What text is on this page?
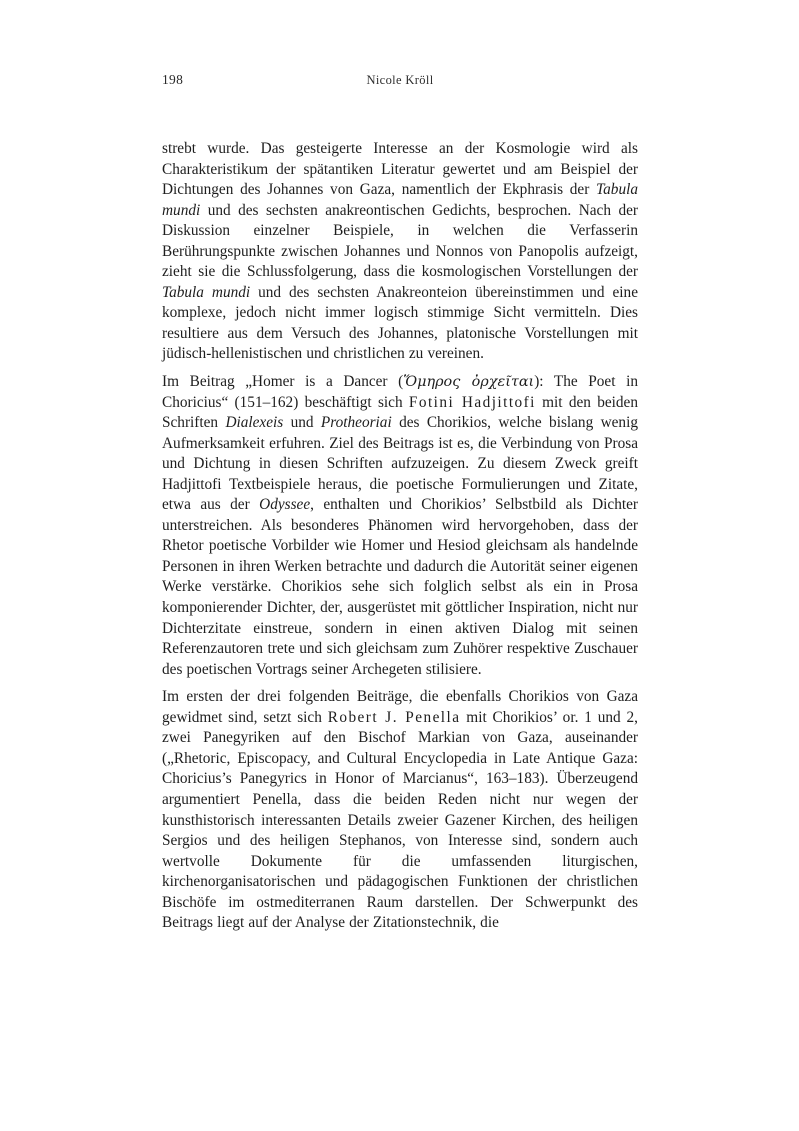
198	Nicole Kröll

strebt wurde. Das gesteigerte Interesse an der Kosmologie wird als Charakteristikum der spätantiken Literatur gewertet und am Beispiel der Dichtungen des Johannes von Gaza, namentlich der Ekphrasis der Tabula mundi und des sechsten anakreontischen Gedichts, besprochen. Nach der Diskussion einzelner Beispiele, in welchen die Verfasserin Berührungspunkte zwischen Johannes und Nonnos von Panopolis aufzeigt, zieht sie die Schlussfolgerung, dass die kosmologischen Vorstellungen der Tabula mundi und des sechsten Anakreonteion übereinstimmen und eine komplexe, jedoch nicht immer logisch stimmige Sicht vermitteln. Dies resultiere aus dem Versuch des Johannes, platonische Vorstellungen mit jüdisch-hellenistischen und christlichen zu vereinen.

Im Beitrag „Homer is a Dancer (Ὅμηρος ὀρχεῖται): The Poet in Choricius“ (151–162) beschäftigt sich Fotini Hadjittofi mit den beiden Schriften Dialexeis und Protheoriai des Chorikios, welche bislang wenig Aufmerksamkeit erfuhren. Ziel des Beitrags ist es, die Verbindung von Prosa und Dichtung in diesen Schriften aufzuzeigen. Zu diesem Zweck greift Hadjittofi Textbeispiele heraus, die poetische Formulierungen und Zitate, etwa aus der Odyssee, enthalten und Chorikios’ Selbstbild als Dichter unterstreichen. Als besonderes Phänomen wird hervorgehoben, dass der Rhetor poetische Vorbilder wie Homer und Hesiod gleichsam als handelnde Personen in ihren Werken betrachte und dadurch die Autorität seiner eigenen Werke verstärke. Chorikios sehe sich folglich selbst als ein in Prosa komponierender Dichter, der, ausgerüstet mit göttlicher Inspiration, nicht nur Dichterzitate einstreue, sondern in einen aktiven Dialog mit seinen Referenzautoren trete und sich gleichsam zum Zuhörer respektive Zuschauer des poetischen Vortrags seiner Archegeten stilisiere.

Im ersten der drei folgenden Beiträge, die ebenfalls Chorikios von Gaza gewidmet sind, setzt sich Robert J. Penella mit Chorikios’ or. 1 und 2, zwei Panegyriken auf den Bischof Markian von Gaza, auseinander („Rhetoric, Episcopacy, and Cultural Encyclopedia in Late Antique Gaza: Choricius’s Panegyrics in Honor of Marcianus“, 163–183). Überzeugend argumentiert Penella, dass die beiden Reden nicht nur wegen der kunsthistorisch interessanten Details zweier Gazener Kirchen, des heiligen Sergios und des heiligen Stephanos, von Interesse sind, sondern auch wertvolle Dokumente für die umfassenden liturgischen, kirchenorganisatorischen und pädagogischen Funktionen der christlichen Bischöfe im ostmediterranen Raum darstellen. Der Schwerpunkt des Beitrags liegt auf der Analyse der Zitationstechnik, die
